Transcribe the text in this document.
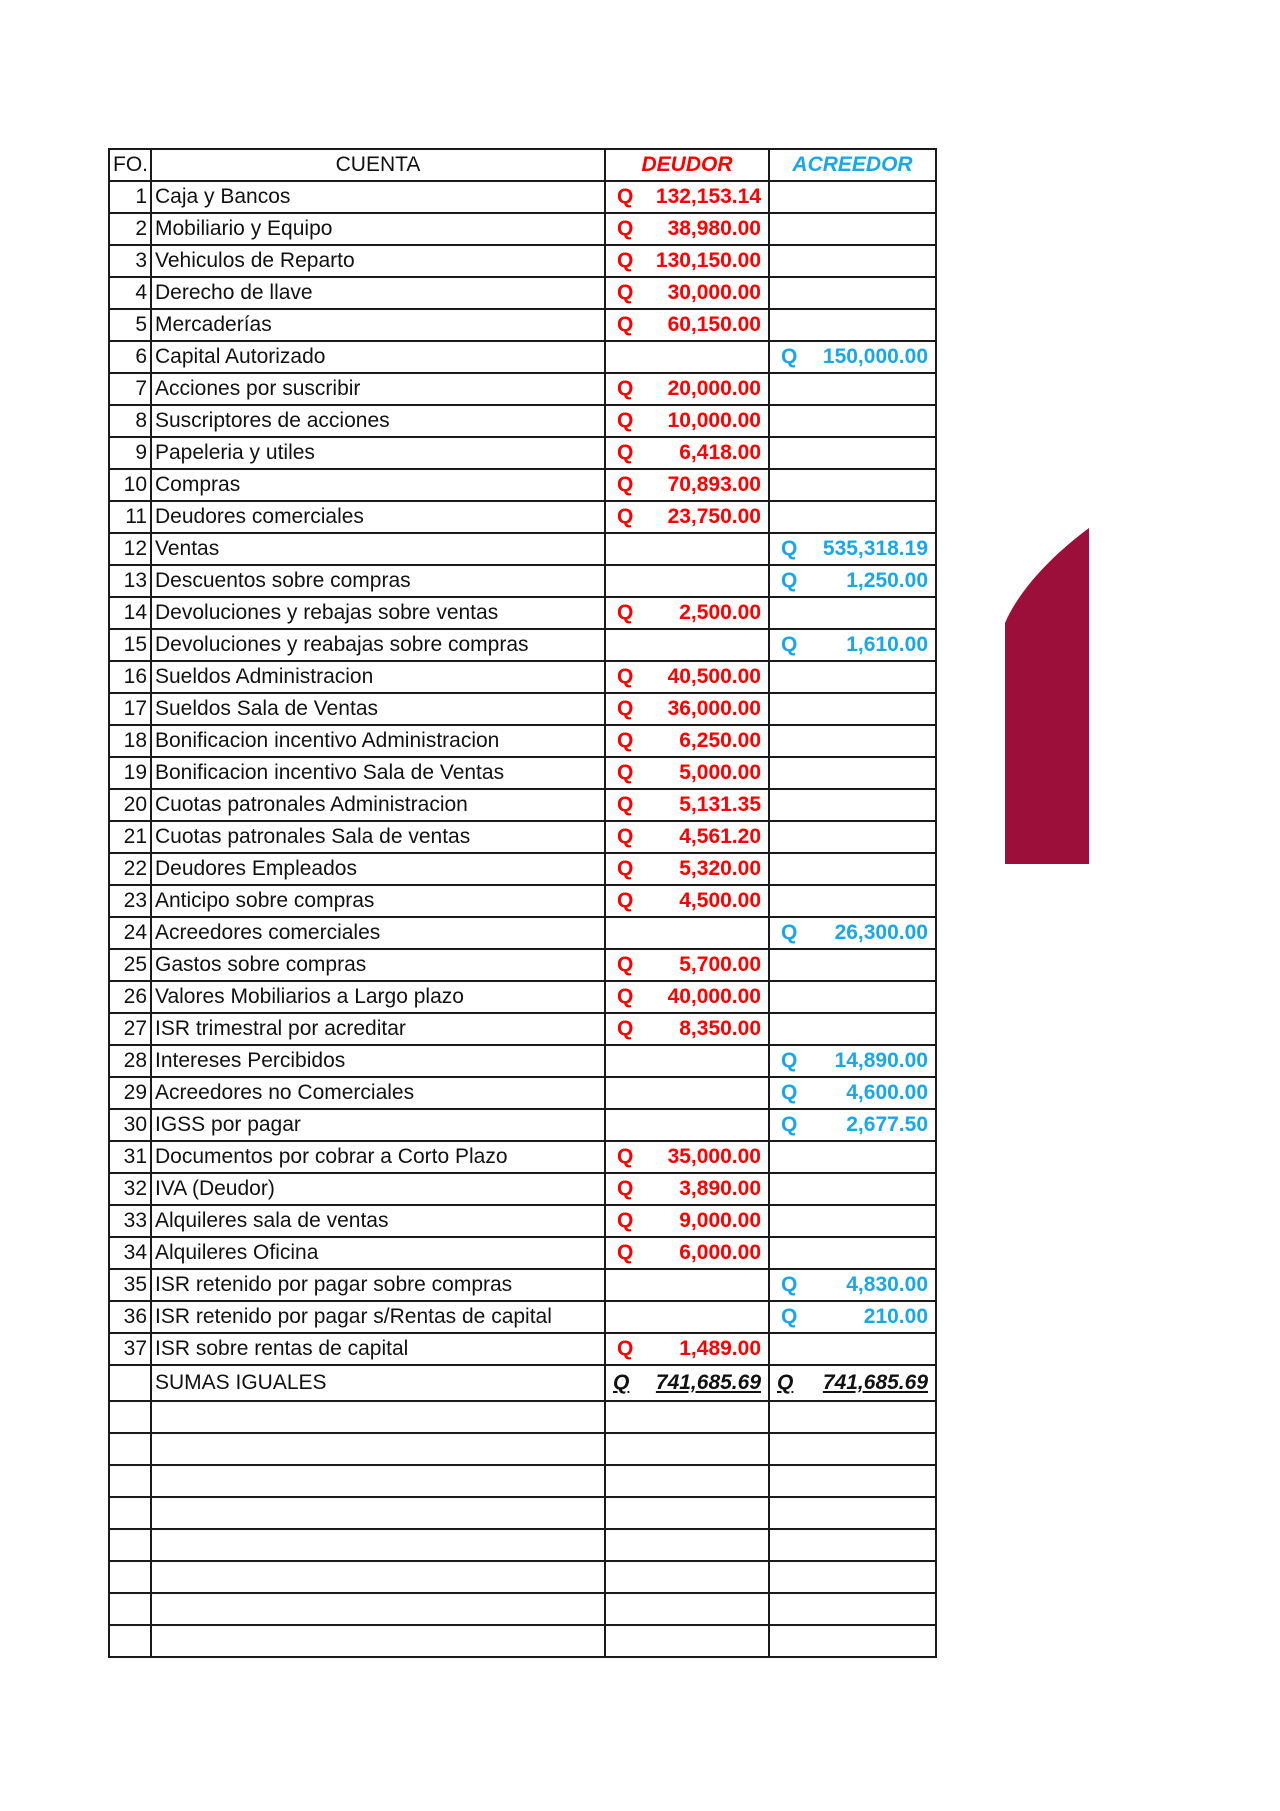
FO.	CUENTA	DEUDOR	ACREEDOR
1	Caja y Bancos	Q 132,153.14	

2	Mobiliario y Equipo	Q 38,980.00	

3	Vehiculos de Reparto	Q 130,150.00	

4	Derecho de llave	Q 30,000.00	

5	Mercaderías	Q 60,150.00	

6	Capital Autorizado		Q 150,000.00

7	Acciones por suscribir	Q 20,000.00	

8	Suscriptores de acciones	Q 10,000.00	

9	Papeleria y utiles	Q 6,418.00	

10	Compras	Q 70,893.00	

11	Deudores comerciales	Q 23,750.00	

12	Ventas		Q 535,318.19

13	Descuentos sobre compras		Q 1,250.00

14	Devoluciones y rebajas sobre ventas	Q 2,500.00	

15	Devoluciones y reabajas sobre compras		Q 1,610.00

16	Sueldos Administracion	Q 40,500.00	

17	Sueldos Sala de Ventas	Q 36,000.00	

18	Bonificacion incentivo Administracion	Q 6,250.00	

19	Bonificacion incentivo Sala de Ventas	Q 5,000.00	

20	Cuotas patronales Administracion	Q 5,131.35	

21	Cuotas patronales Sala de ventas	Q 4,561.20	

22	Deudores Empleados	Q 5,320.00	

23	Anticipo sobre compras	Q 4,500.00	

24	Acreedores comerciales		Q 26,300.00

25	Gastos sobre compras	Q 5,700.00	

26	Valores Mobiliarios a Largo plazo	Q 40,000.00	

27	ISR trimestral por acreditar	Q 8,350.00	

28	Intereses Percibidos		Q 14,890.00

29	Acreedores no Comerciales		Q 4,600.00

30	IGSS por pagar		Q 2,677.50

31	Documentos por cobrar a Corto Plazo	Q 35,000.00	

32	IVA (Deudor)	Q 3,890.00	

33	Alquileres sala de ventas	Q 9,000.00	

34	Alquileres Oficina	Q 6,000.00	

35	ISR retenido por pagar sobre compras		Q 4,830.00

36	ISR retenido por pagar s/Rentas de capital		Q 210.00

37	ISR sobre rentas de capital	Q 1,489.00	

	SUMAS IGUALES	Q 741,685.69	Q 741,685.69
